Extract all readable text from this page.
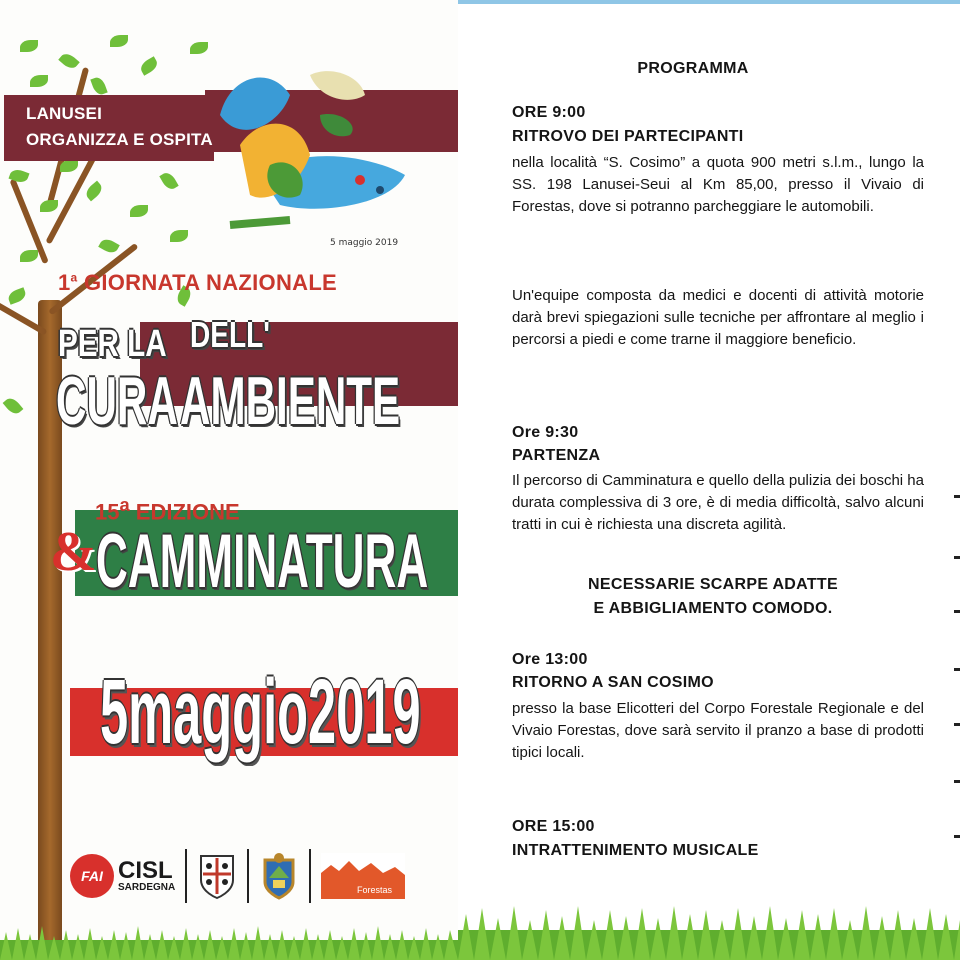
LANUSEI
ORGANIZZA E OSPITA
5 maggio 2019
1$^a$ GIORNATA NAZIONALE
PER LA DELL'
CURA AMBIENTE
15$^a$ EDIZIONE
& CAMMINATURA
5maggio2019
FAI CISL
SARDEGNA	Forestas
PROGRAMMA
ORE 9:00
RITROVO DEI PARTECIPANTI
nella località “S. Cosimo” a quota 900 metri s.l.m., lungo la SS. 198 Lanusei-Seui al Km 85,00, presso il Vivaio di Forestas, dove si potranno parcheggiare le automobili.
Un'equipe composta da medici e docenti di attività motorie darà brevi spiegazioni sulle tecniche per affrontare al meglio i percorsi a piedi e come trarne il maggiore beneficio.
Ore 9:30
PARTENZA
Il percorso di Camminatura e quello della pulizia dei boschi ha durata complessiva di 3 ore, è di media difficoltà, salvo alcuni tratti in cui è richiesta una discreta agilità.
NECESSARIE SCARPE ADATTE
E ABBIGLIAMENTO COMODO.
Ore 13:00
RITORNO A SAN COSIMO
presso la base Elicotteri del Corpo Forestale Regionale e del Vivaio Forestas, dove sarà servito il pranzo a base di prodotti tipici locali.
ORE 15:00
INTRATTENIMENTO MUSICALE
